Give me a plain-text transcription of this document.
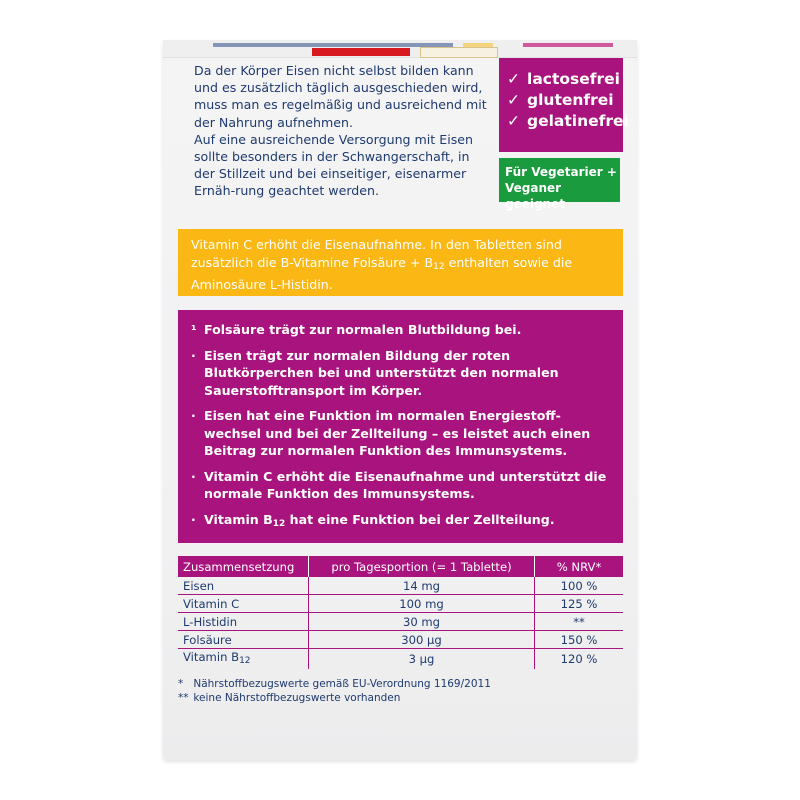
Da der Körper Eisen nicht selbst bilden kann und es zusätzlich täglich ausgeschieden wird, muss man es regelmäßig und ausreichend mit der Nahrung aufnehmen.

Auf eine ausreichende Versorgung mit Eisen sollte besonders in der Schwangerschaft, in der Stillzeit und bei einseitiger, eisenarmer Ernäh-rung geachtet werden.

✓ lactosefrei
✓ glutenfrei
✓ gelatinefrei
Für Vegetarier +
Veganer geeignet
Vitamin C erhöht die Eisenaufnahme. In den Tabletten sind zusätzlich die B-Vitamine Folsäure + $B_{12}$ enthalten sowie die Aminosäure L-Histidin.
¹ Folsäure trägt zur normalen Blutbildung bei.
· Eisen trägt zur normalen Bildung der roten Blutkörperchen bei und unterstützt den normalen Sauerstofftransport im Körper.
· Eisen hat eine Funktion im normalen Energiestoff-wechsel und bei der Zellteilung – es leistet auch einen Beitrag zur normalen Funktion des Immunsystems.
· Vitamin C erhöht die Eisenaufnahme und unterstützt die normale Funktion des Immunsystems.
· Vitamin $B_{12}$ hat eine Funktion bei der Zellteilung.
Zusammensetzung	pro Tagesportion (= 1 Tablette)	% NRV*
Eisen	14 mg	100 %
Vitamin C	100 mg	125 %
L-Histidin	30 mg	**
Folsäure	300 µg	150 %
Vitamin $B_{12}$	3 µg	120 %
* Nährstoffbezugswerte gemäß EU-Verordnung 1169/2011
** keine Nährstoffbezugswerte vorhanden
